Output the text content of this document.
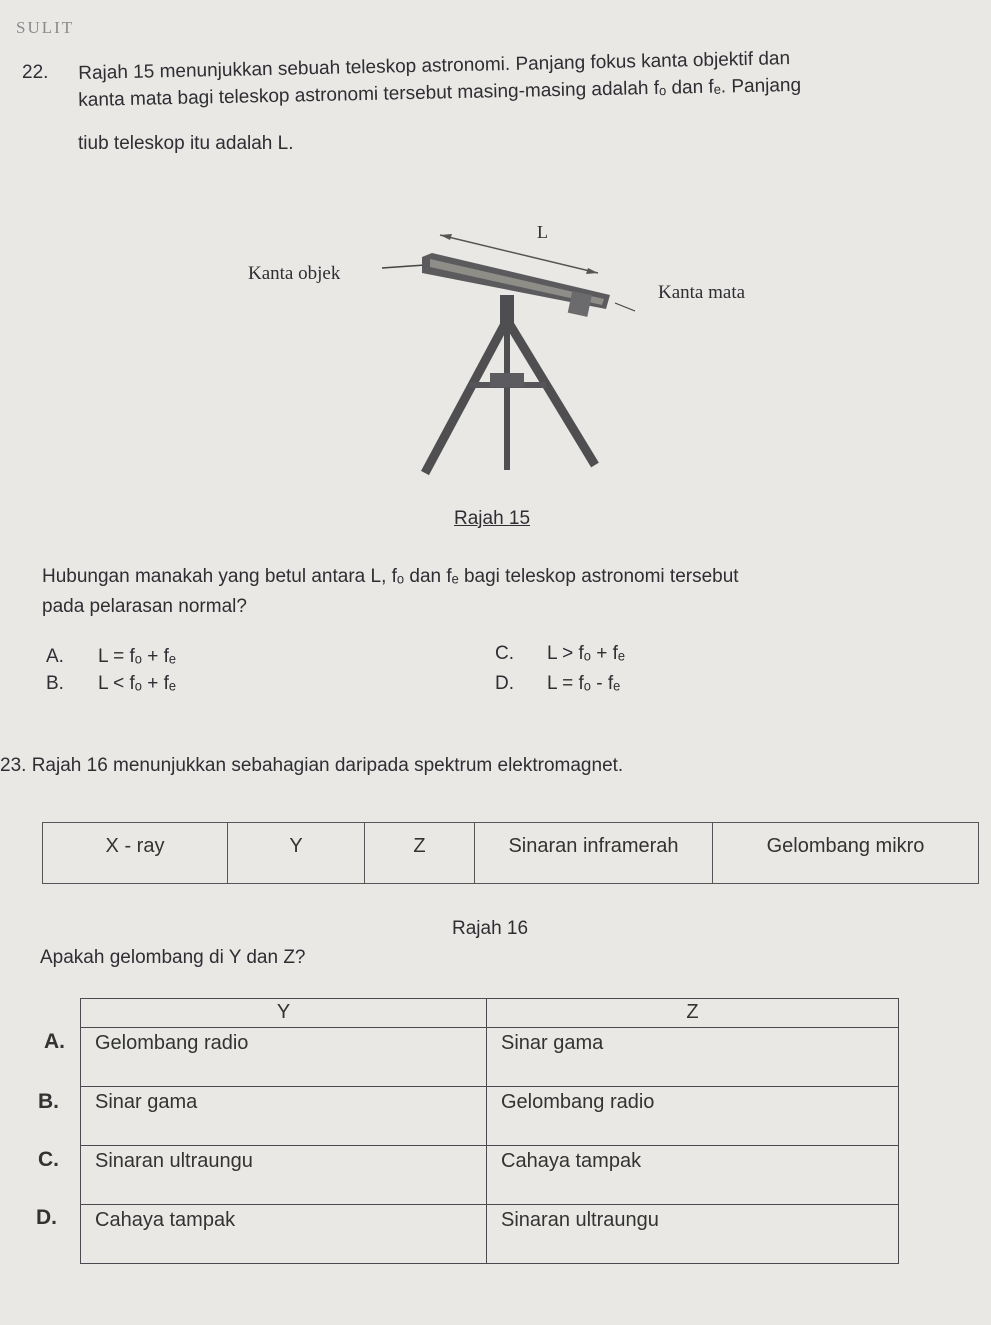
SULIT
22. Rajah 15 menunjukkan sebuah teleskop astronomi. Panjang fokus kanta objektif dan
kanta mata bagi teleskop astronomi tersebut masing-masing adalah fₒ dan fₑ. Panjang
tiub teleskop itu adalah L.
L
Kanta objek
Kanta mata
Rajah 15
Hubungan manakah yang betul antara L, fₒ dan fₑ bagi teleskop astronomi tersebut
pada pelarasan normal?
A. L = fₒ + fₑ
B. L < fₒ + fₑ
C. L > fₒ + fₑ
D. L = fₒ - fₑ
23. Rajah 16 menunjukkan sebahagian daripada spektrum elektromagnet.
X - ray	Y	Z	Sinaran inframerah	Gelombang mikro
Rajah 16
Apakah gelombang di Y dan Z?
A.
B.
C.
D.
Y	Z
Gelombang radio	Sinar gama
Sinar gama	Gelombang radio
Sinaran ultraungu	Cahaya tampak
Cahaya tampak	Sinaran ultraungu
